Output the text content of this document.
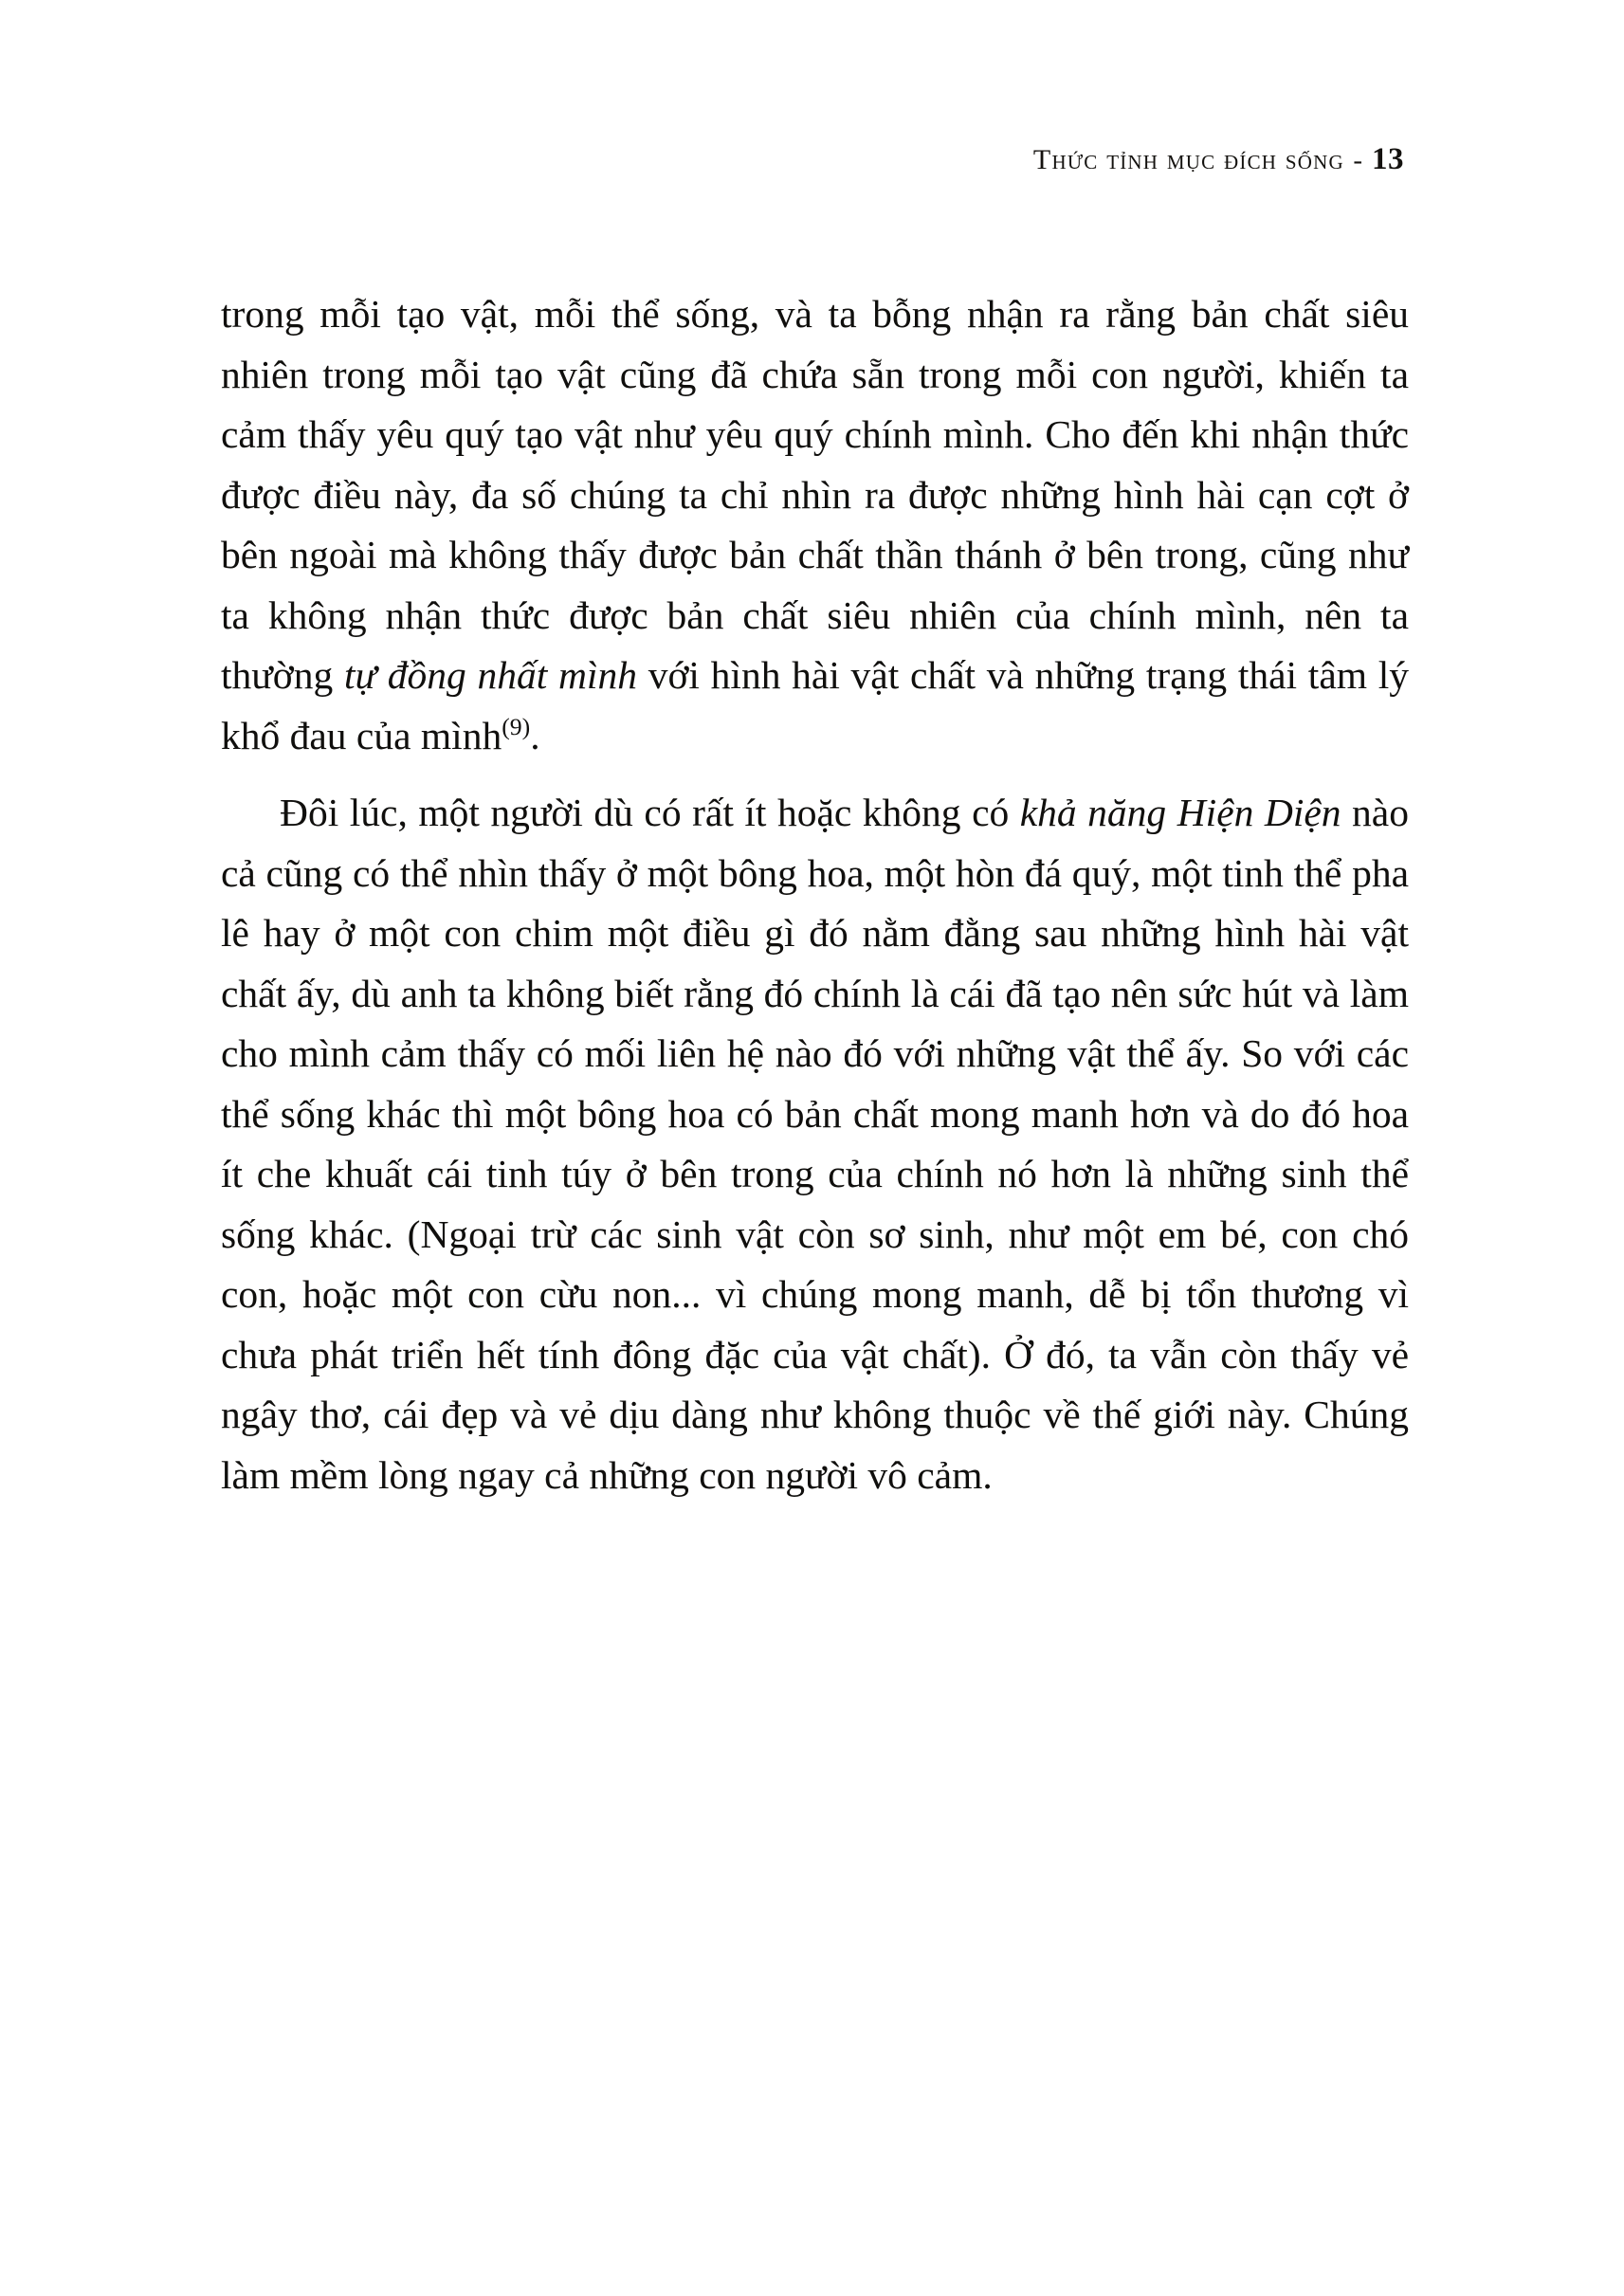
Thức tỉnh mục đích sống - 13

trong mỗi tạo vật, mỗi thể sống, và ta bỗng nhận ra rằng bản chất siêu nhiên trong mỗi tạo vật cũng đã chứa sẵn trong mỗi con người, khiến ta cảm thấy yêu quý tạo vật như yêu quý chính mình. Cho đến khi nhận thức được điều này, đa số chúng ta chỉ nhìn ra được những hình hài cạn cợt ở bên ngoài mà không thấy được bản chất thần thánh ở bên trong, cũng như ta không nhận thức được bản chất siêu nhiên của chính mình, nên ta thường tự đồng nhất mình với hình hài vật chất và những trạng thái tâm lý khổ đau của mình$^{(9)}$.

Đôi lúc, một người dù có rất ít hoặc không có khả năng Hiện Diện nào cả cũng có thể nhìn thấy ở một bông hoa, một hòn đá quý, một tinh thể pha lê hay ở một con chim một điều gì đó nằm đằng sau những hình hài vật chất ấy, dù anh ta không biết rằng đó chính là cái đã tạo nên sức hút và làm cho mình cảm thấy có mối liên hệ nào đó với những vật thể ấy. So với các thể sống khác thì một bông hoa có bản chất mong manh hơn và do đó hoa ít che khuất cái tinh túy ở bên trong của chính nó hơn là những sinh thể sống khác. (Ngoại trừ các sinh vật còn sơ sinh, như một em bé, con chó con, hoặc một con cừu non... vì chúng mong manh, dễ bị tổn thương vì chưa phát triển hết tính đông đặc của vật chất). Ở đó, ta vẫn còn thấy vẻ ngây thơ, cái đẹp và vẻ dịu dàng như không thuộc về thế giới này. Chúng làm mềm lòng ngay cả những con người vô cảm.
